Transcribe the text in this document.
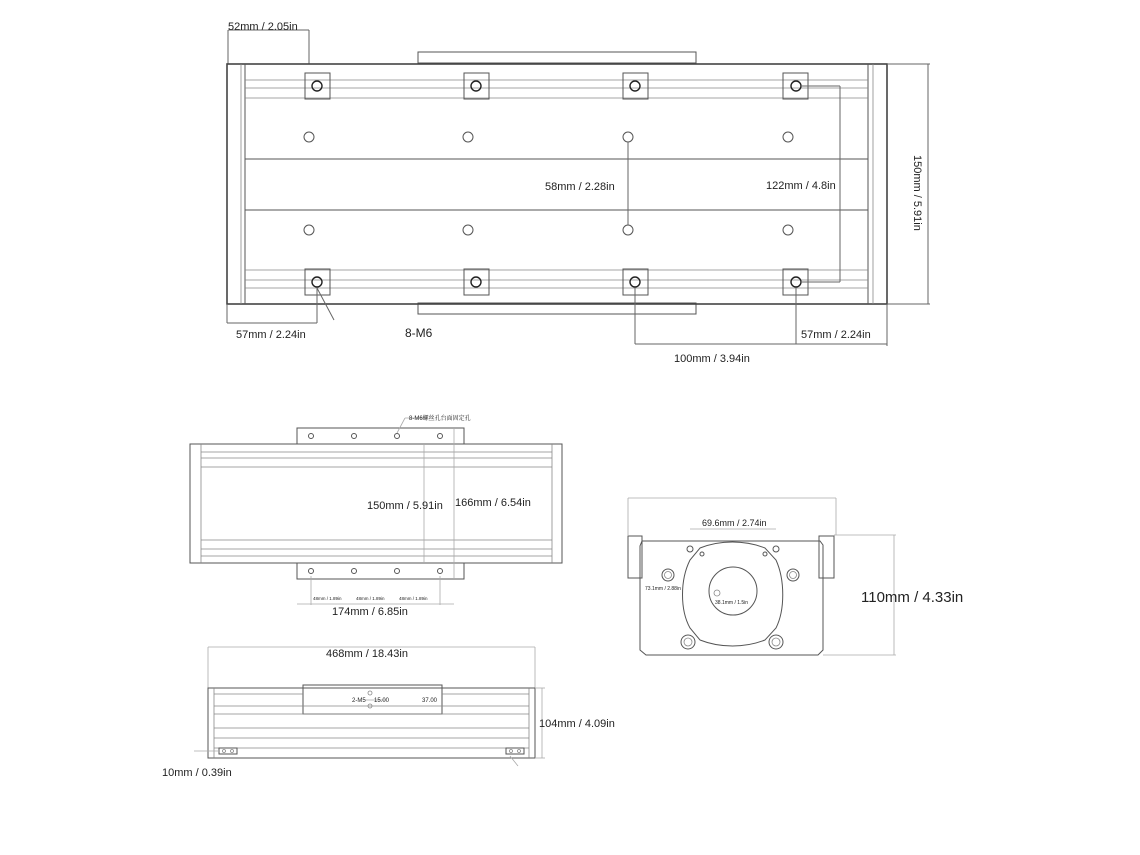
52mm / 2.05in
58mm / 2.28in	122mm / 4.8in
57mm / 2.24in	57mm / 2.24in
100mm / 3.94in
8-M6
150mm / 5.91in
8-M6螺丝孔台面固定孔
150mm / 5.91in 166mm / 6.54in
48mm / 1.89in	48mm / 1.89in	48mm / 1.89in
174mm / 6.85in
69.6mm / 2.74in
110mm / 4.33in
73.1mm / 2.88in
38.1mm / 1.5in
468mm / 18.43in
104mm / 4.09in
10mm / 0.39in
2-M5 15.00	37.00
